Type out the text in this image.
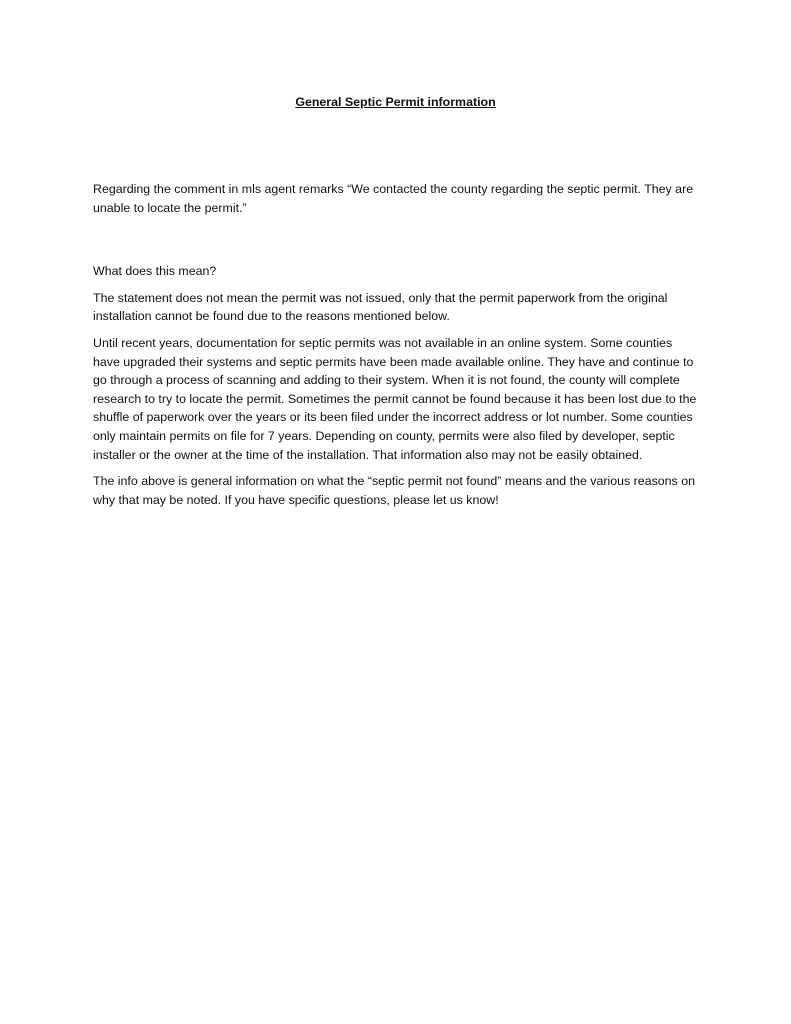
General Septic Permit information

Regarding the comment in mls agent remarks “We contacted the county regarding the septic permit. They are unable to locate the permit.”

What does this mean?

The statement does not mean the permit was not issued, only that the permit paperwork from the original installation cannot be found due to the reasons mentioned below.

Until recent years, documentation for septic permits was not available in an online system. Some counties have upgraded their systems and septic permits have been made available online. They have and continue to go through a process of scanning and adding to their system. When it is not found, the county will complete research to try to locate the permit. Sometimes the permit cannot be found because it has been lost due to the shuffle of paperwork over the years or its been filed under the incorrect address or lot number. Some counties only maintain permits on file for 7 years. Depending on county, permits were also filed by developer, septic installer or the owner at the time of the installation. That information also may not be easily obtained.

The info above is general information on what the “septic permit not found” means and the various reasons on why that may be noted. If you have specific questions, please let us know!
